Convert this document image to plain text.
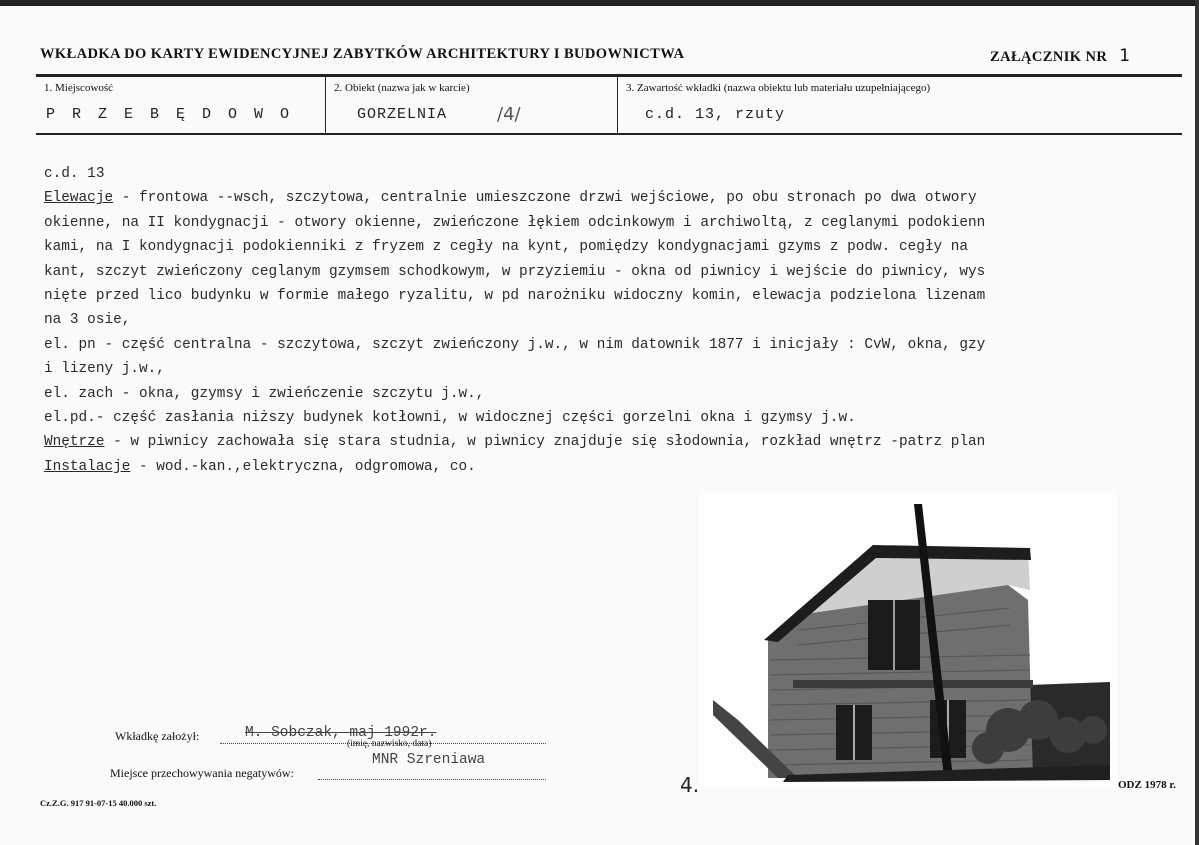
WKŁADKA DO KARTY EWIDENCYJNEJ ZABYTKÓW ARCHITEKTURY I BUDOWNICTWA	ZAŁĄCZNIK NR 1
1. Miejscowość
P R Z E B Ę D O W O
2. Obiekt (nazwa jak w karcie)
GORZELNIA	/4/
3. Zawartość wkładki (nazwa obiektu lub materiału uzupełniającego)
c.d. 13, rzuty
c.d. 13
Elewacje - frontowa --wsch, szczytowa, centralnie umieszczone drzwi wejściowe, po obu stronach po dwa otwory
okienne, na II kondygnacji - otwory okienne, zwieńczone łękiem odcinkowym i archiwoltą, z ceglanymi podokienn
kami, na I kondygnacji podokienniki z fryzem z cegły na kynt, pomiędzy kondygnacjami gzyms z podw. cegły na
kant, szczyt zwieńczony ceglanym gzymsem schodkowym, w przyziemiu - okna od piwnicy i wejście do piwnicy, wys
nięte przed lico budynku w formie małego ryzalitu, w pd narożniku widoczny komin, elewacja podzielona lizenam
na 3 osie,
el. pn - część centralna - szczytowa, szczyt zwieńczony j.w., w nim datownik 1877 i inicjały : CvW, okna, gzy
i lizeny j.w.,
el. zach - okna, gzymsy i zwieńczenie szczytu j.w.,
el.pd.- część zasłania niższy budynek kotłowni, w widocznej części gorzelni okna i gzymsy j.w.
Wnętrze - w piwnicy zachowała się stara studnia, w piwnicy znajduje się słodownia, rozkład wnętrz -patrz plan
Instalacje - wod.-kan.,elektryczna, odgromowa, co.
Wkładkę założył:	M. Sobczak, maj 1992r.
(imię, nazwisko, data)
Miejsce przechowywania negatywów:
MNR Szreniawa
4.
Cz.Z.G. 917 91-07-15 40.000 szt.
ODZ 1978 r.
